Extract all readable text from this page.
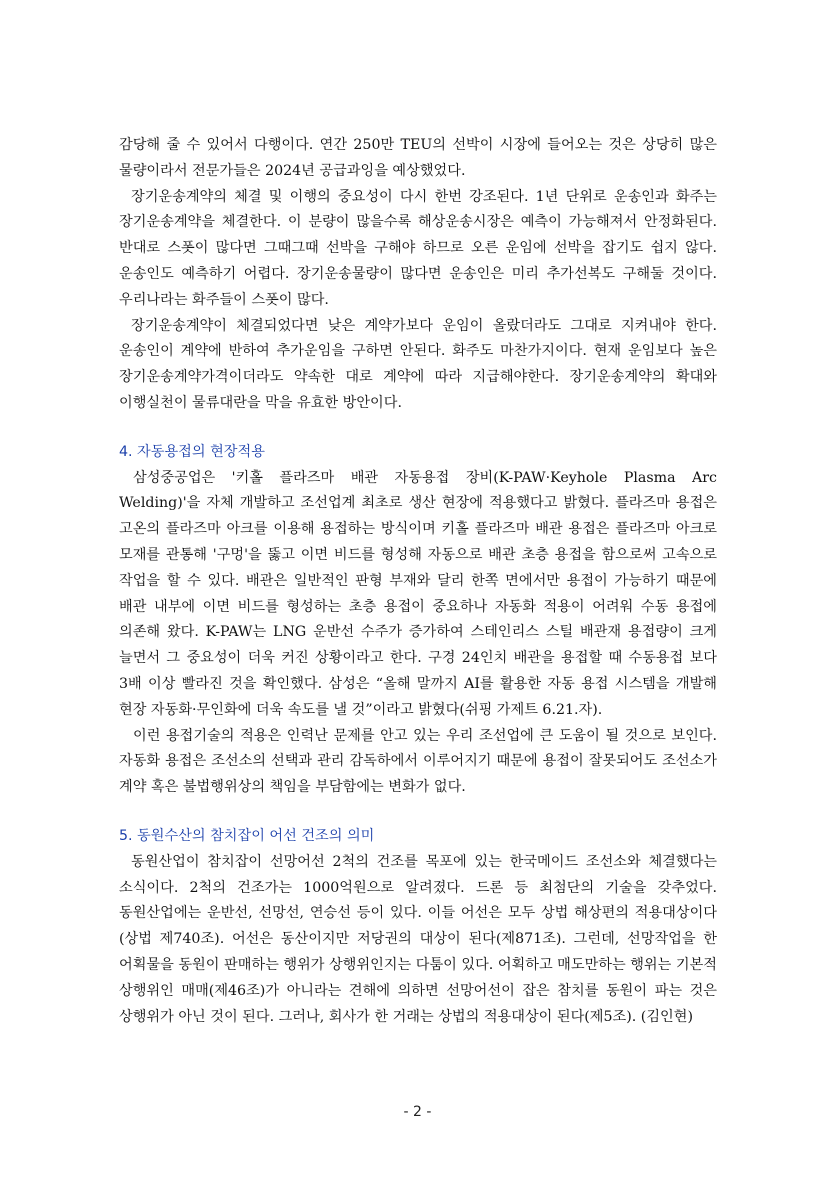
감당해 줄 수 있어서 다행이다. 연간 250만 TEU의 선박이 시장에 들어오는 것은 상당히 많은 물량이라서 전문가들은 2024년 공급과잉을 예상했었다.

장기운송계약의 체결 및 이행의 중요성이 다시 한번 강조된다. 1년 단위로 운송인과 화주는 장기운송계약을 체결한다. 이 분량이 많을수록 해상운송시장은 예측이 가능해져서 안정화된다. 반대로 스폿이 많다면 그때그때 선박을 구해야 하므로 오른 운임에 선박을 잡기도 쉽지 않다. 운송인도 예측하기 어렵다. 장기운송물량이 많다면 운송인은 미리 추가선복도 구해둘 것이다. 우리나라는 화주들이 스폿이 많다.

장기운송계약이 체결되었다면 낮은 계약가보다 운임이 올랐더라도 그대로 지켜내야 한다. 운송인이 계약에 반하여 추가운임을 구하면 안된다. 화주도 마찬가지이다. 현재 운임보다 높은 장기운송계약가격이더라도 약속한 대로 계약에 따라 지급해야한다. 장기운송계약의 확대와 이행실천이 물류대란을 막을 유효한 방안이다.

4. 자동용접의 현장적용

삼성중공업은 '키홀 플라즈마 배관 자동용접 장비(K-PAW·Keyhole Plasma Arc Welding)'을 자체 개발하고 조선업계 최초로 생산 현장에 적용했다고 밝혔다. 플라즈마 용접은 고온의 플라즈마 아크를 이용해 용접하는 방식이며 키홀 플라즈마 배관 용접은 플라즈마 아크로 모재를 관통해 '구멍'을 뚫고 이면 비드를 형성해 자동으로 배관 초층 용접을 함으로써 고속으로 작업을 할 수 있다. 배관은 일반적인 판형 부재와 달리 한쪽 면에서만 용접이 가능하기 때문에 배관 내부에 이면 비드를 형성하는 초층 용접이 중요하나 자동화 적용이 어려워 수동 용접에 의존해 왔다. K-PAW는 LNG 운반선 수주가 증가하여 스테인리스 스틸 배관재 용접량이 크게 늘면서 그 중요성이 더욱 커진 상황이라고 한다. 구경 24인치 배관을 용접할 때 수동용접 보다 3배 이상 빨라진 것을 확인했다. 삼성은 “올해 말까지 AI를 활용한 자동 용접 시스템을 개발해 현장 자동화·무인화에 더욱 속도를 낼 것”이라고 밝혔다(쉬핑 가제트 6.21.자).

이런 용접기술의 적용은 인력난 문제를 안고 있는 우리 조선업에 큰 도움이 될 것으로 보인다. 자동화 용접은 조선소의 선택과 관리 감독하에서 이루어지기 때문에 용접이 잘못되어도 조선소가 계약 혹은 불법행위상의 책임을 부담함에는 변화가 없다.

5. 동원수산의 참치잡이 어선 건조의 의미

동원산업이 참치잡이 선망어선 2척의 건조를 목포에 있는 한국메이드 조선소와 체결했다는 소식이다. 2척의 건조가는 1000억원으로 알려졌다. 드론 등 최첨단의 기술을 갖추었다. 동원산업에는 운반선, 선망선, 연승선 등이 있다. 이들 어선은 모두 상법 해상편의 적용대상이다(상법 제740조). 어선은 동산이지만 저당권의 대상이 된다(제871조). 그런데, 선망작업을 한 어획물을 동원이 판매하는 행위가 상행위인지는 다툼이 있다. 어획하고 매도만하는 행위는 기본적 상행위인 매매(제46조)가 아니라는 견해에 의하면 선망어선이 잡은 참치를 동원이 파는 것은 상행위가 아닌 것이 된다. 그러나, 회사가 한 거래는 상법의 적용대상이 된다(제5조). (김인현)

- 2 -
